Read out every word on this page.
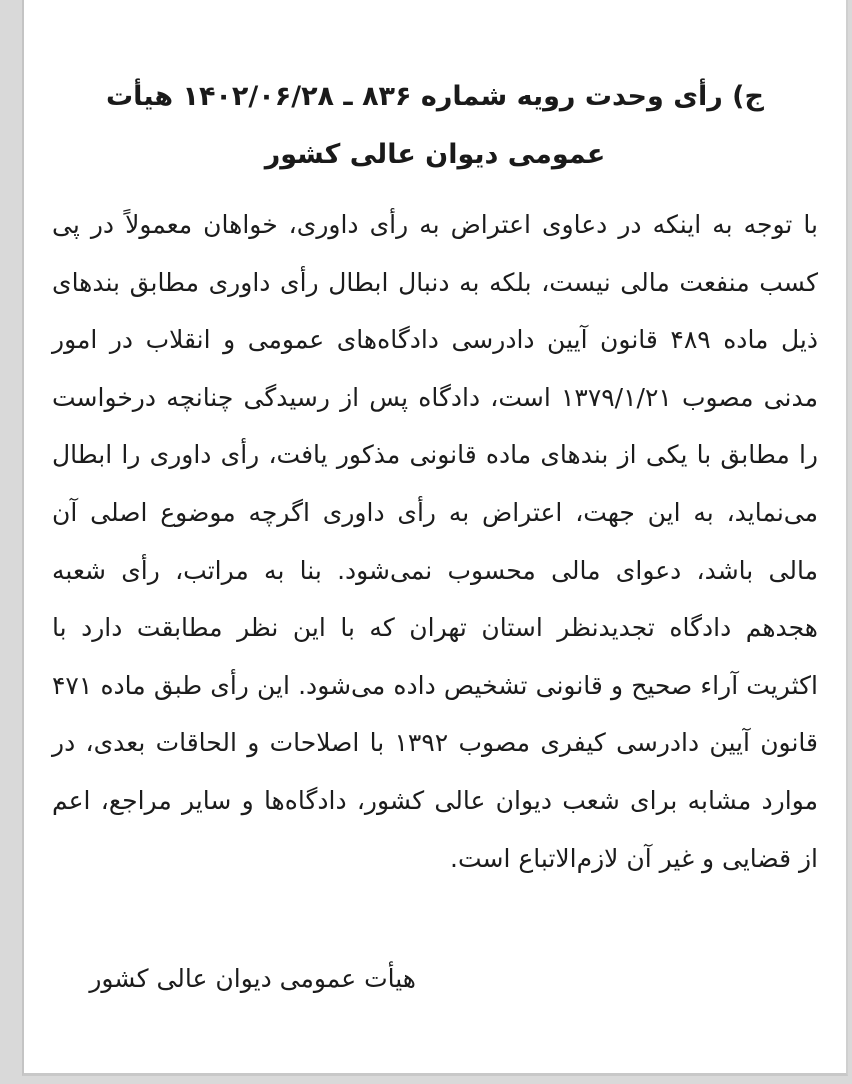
ج) رأی وحدت رویه شماره ۸۳۶ ـ ۱۴۰۲/۰۶/۲۸ هیأت عمومی دیوان عالی کشور

با توجه به اینکه در دعاوی اعتراض به رأی داوری، خواهان معمولاً در پی کسب منفعت مالی نیست، بلکه به دنبال ابطال رأی داوری مطابق بندهای ذیل ماده ۴۸۹ قانون آیین دادرسی دادگاه‌های عمومی و انقلاب در امور مدنی مصوب ۱۳۷۹/۱/۲۱ است، دادگاه پس از رسیدگی چنانچه درخواست را مطابق با یکی از بندهای ماده قانونی مذکور یافت، رأی داوری را ابطال می‌نماید، به این جهت، اعتراض به رأی داوری اگرچه موضوع اصلی آن مالی باشد، دعوای مالی محسوب نمی‌شود. بنا به مراتب، رأی شعبه هجدهم دادگاه تجدیدنظر استان تهران که با این نظر مطابقت دارد با اکثریت آراء صحیح و قانونی تشخیص داده می‌شود. این رأی طبق ماده ۴۷۱ قانون آیین دادرسی کیفری مصوب ۱۳۹۲ با اصلاحات و الحاقات بعدی، در موارد مشابه برای شعب دیوان عالی کشور، دادگاه‌ها و سایر مراجع، اعم از قضایی و غیر آن لازم‌الاتباع است.

هیأت عمومی دیوان عالی کشور
